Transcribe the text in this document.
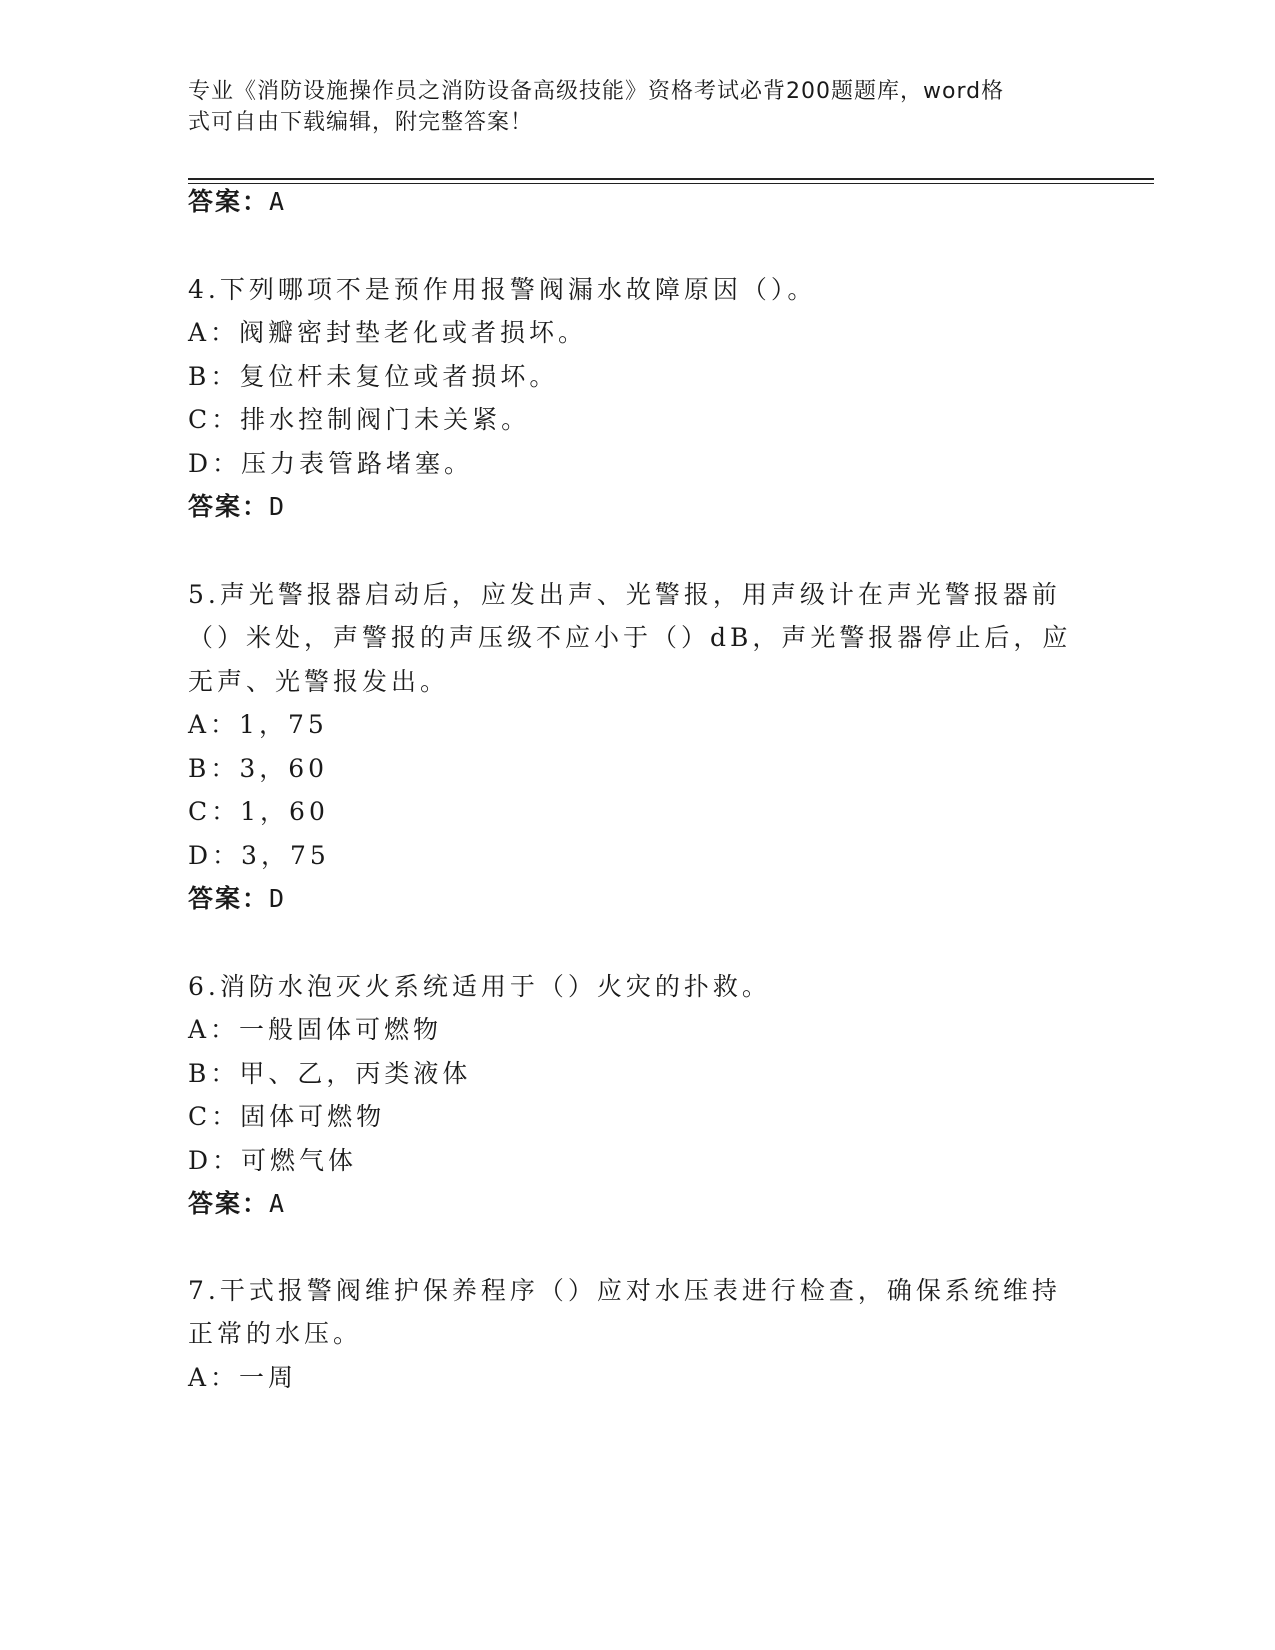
专业《消防设施操作员之消防设备高级技能》资格考试必背200题题库，word格
式可自由下载编辑，附完整答案！
答案：A
4.下列哪项不是预作用报警阀漏水故障原因（）。
A：阀瓣密封垫老化或者损坏。
B：复位杆未复位或者损坏。
C：排水控制阀门未关紧。
D：压力表管路堵塞。
答案：D
5.声光警报器启动后，应发出声、光警报，用声级计在声光警报器前
（）米处，声警报的声压级不应小于（）dB，声光警报器停止后，应
无声、光警报发出。
A：1，75
B：3，60
C：1，60
D：3，75
答案：D
6.消防水泡灭火系统适用于（）火灾的扑救。
A：一般固体可燃物
B：甲、乙，丙类液体
C：固体可燃物
D：可燃气体
答案：A
7.干式报警阀维护保养程序（）应对水压表进行检查，确保系统维持
正常的水压。
A：一周
